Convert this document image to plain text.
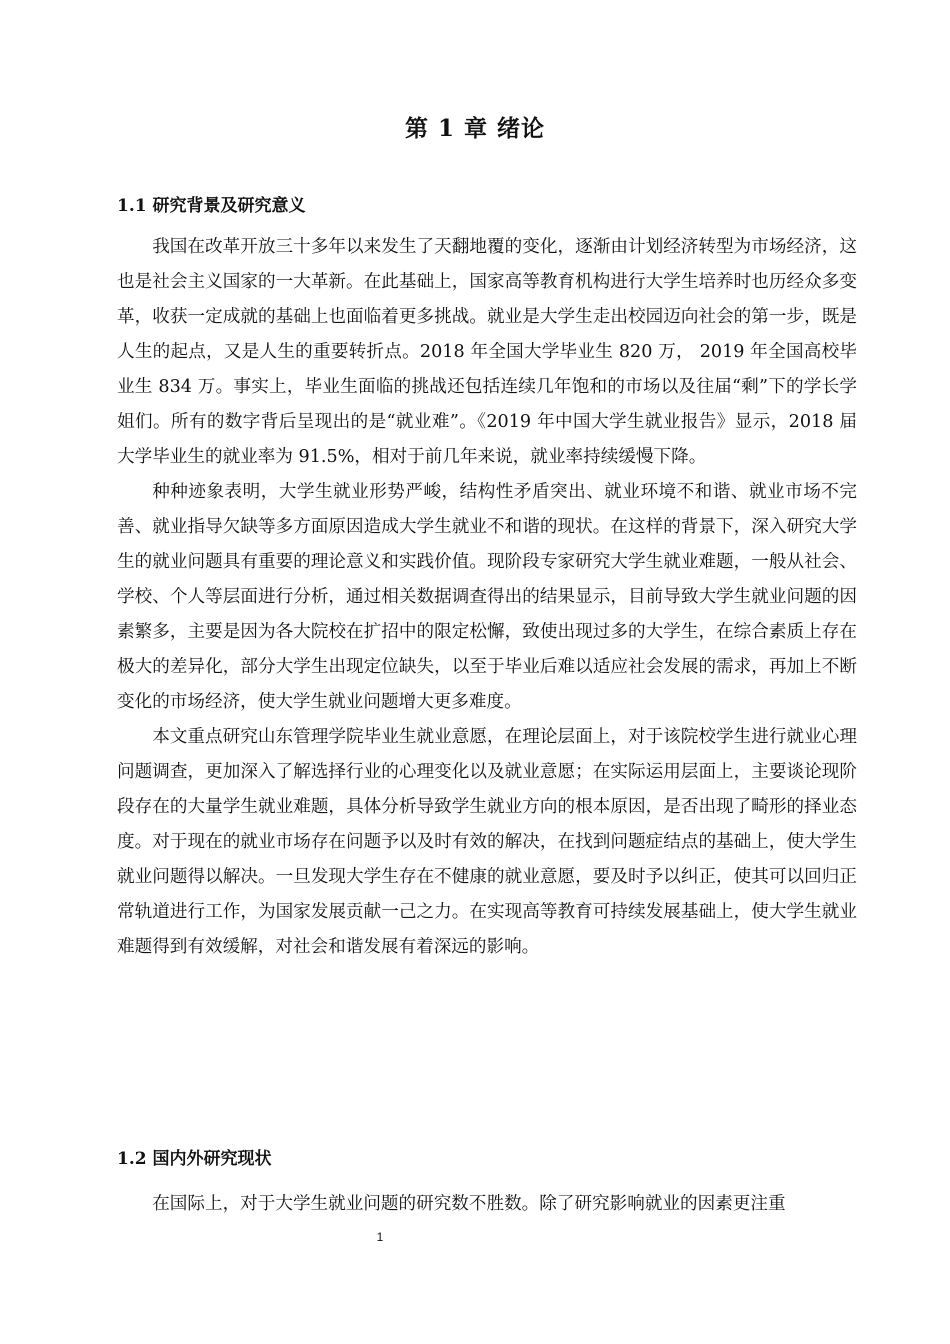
第 1 章 绪论
1.1 研究背景及研究意义

我国在改革开放三十多年以来发生了天翻地覆的变化，逐渐由计划经济转型为市场经济，这也是社会主义国家的一大革新。在此基础上，国家高等教育机构进行大学生培养时也历经众多变革，收获一定成就的基础上也面临着更多挑战。就业是大学生走出校园迈向社会的第一步，既是人生的起点，又是人生的重要转折点。2018 年全国大学毕业生 820 万， 2019 年全国高校毕业生 834 万。事实上，毕业生面临的挑战还包括连续几年饱和的市场以及往届“剩”下的学长学姐们。所有的数字背后呈现出的是“就业难”。《2019 年中国大学生就业报告》显示，2018 届大学毕业生的就业率为 91.5%，相对于前几年来说，就业率持续缓慢下降。

种种迹象表明，大学生就业形势严峻，结构性矛盾突出、就业环境不和谐、就业市场不完善、就业指导欠缺等多方面原因造成大学生就业不和谐的现状。在这样的背景下，深入研究大学生的就业问题具有重要的理论意义和实践价值。现阶段专家研究大学生就业难题，一般从社会、学校、个人等层面进行分析，通过相关数据调查得出的结果显示，目前导致大学生就业问题的因素繁多，主要是因为各大院校在扩招中的限定松懈，致使出现过多的大学生，在综合素质上存在极大的差异化，部分大学生出现定位缺失，以至于毕业后难以适应社会发展的需求，再加上不断变化的市场经济，使大学生就业问题增大更多难度。

本文重点研究山东管理学院毕业生就业意愿，在理论层面上，对于该院校学生进行就业心理问题调查，更加深入了解选择行业的心理变化以及就业意愿；在实际运用层面上，主要谈论现阶段存在的大量学生就业难题，具体分析导致学生就业方向的根本原因，是否出现了畸形的择业态度。对于现在的就业市场存在问题予以及时有效的解决，在找到问题症结点的基础上，使大学生就业问题得以解决。一旦发现大学生存在不健康的就业意愿，要及时予以纠正，使其可以回归正常轨道进行工作，为国家发展贡献一己之力。在实现高等教育可持续发展基础上，使大学生就业难题得到有效缓解，对社会和谐发展有着深远的影响。

1.2 国内外研究现状

在国际上，对于大学生就业问题的研究数不胜数。除了研究影响就业的因素更注重

1
